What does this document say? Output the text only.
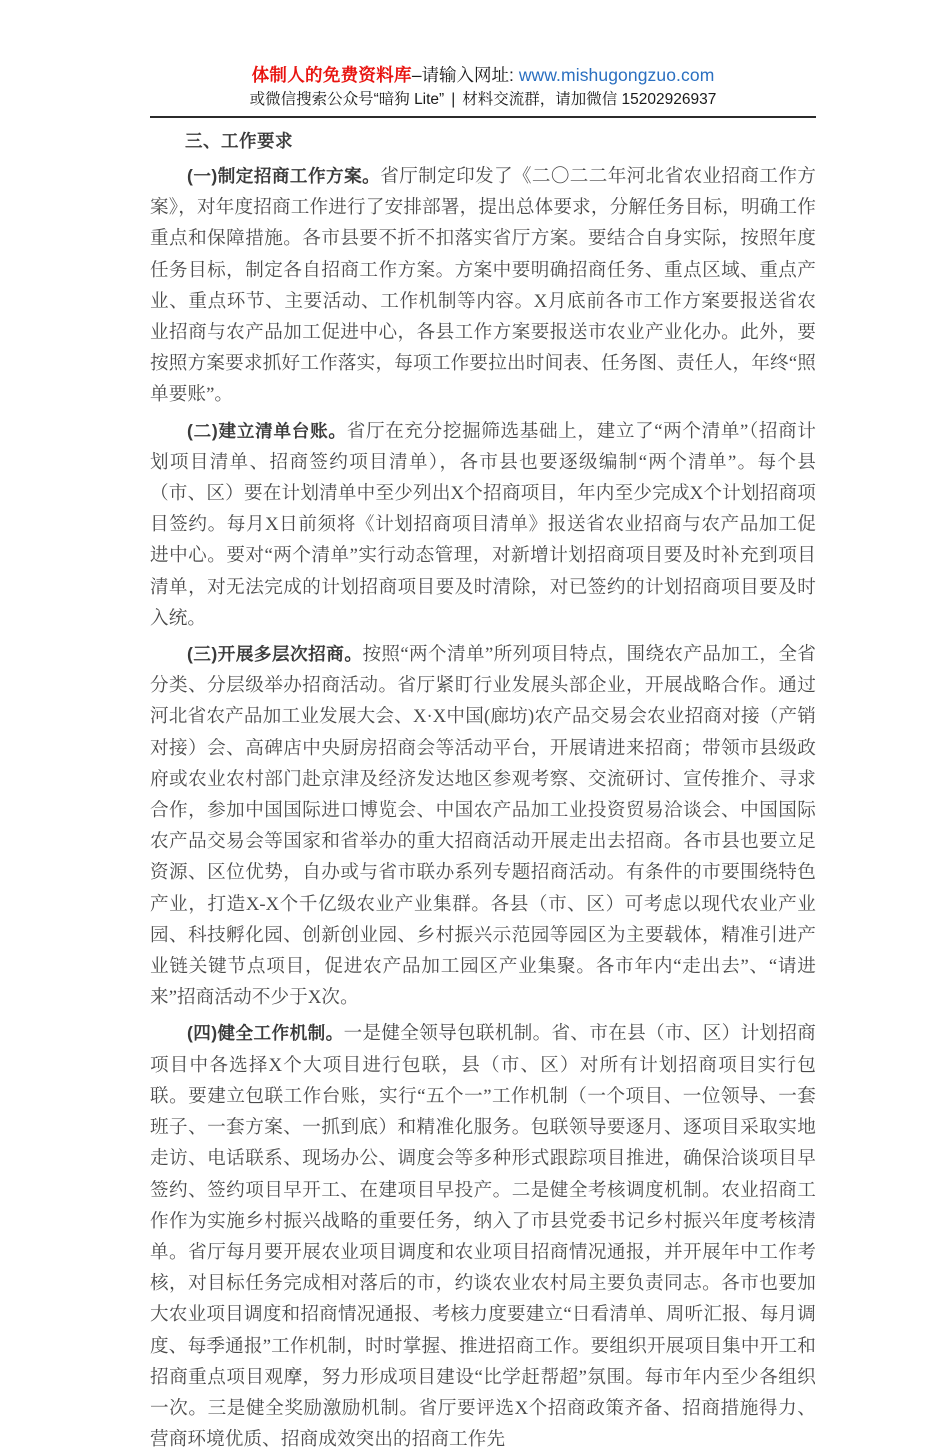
体制人的免费资料库–请输入网址: www.mishugongzuo.com
或微信搜索公众号“暗狗 Lite” | 材料交流群，请加微信 15202926937

三、工作要求

(一)制定招商工作方案。省厅制定印发了《二〇二二年河北省农业招商工作方案》，对年度招商工作进行了安排部署，提出总体要求，分解任务目标，明确工作重点和保障措施。各市县要不折不扣落实省厅方案。要结合自身实际，按照年度任务目标，制定各自招商工作方案。方案中要明确招商任务、重点区域、重点产业、重点环节、主要活动、工作机制等内容。X月底前各市工作方案要报送省农业招商与农产品加工促进中心，各县工作方案要报送市农业产业化办。此外，要按照方案要求抓好工作落实，每项工作要拉出时间表、任务图、责任人，年终“照单要账”。

(二)建立清单台账。省厅在充分挖掘筛选基础上，建立了“两个清单”（招商计划项目清单、招商签约项目清单），各市县也要逐级编制“两个清单”。每个县（市、区）要在计划清单中至少列出X个招商项目，年内至少完成X个计划招商项目签约。每月X日前须将《计划招商项目清单》报送省农业招商与农产品加工促进中心。要对“两个清单”实行动态管理，对新增计划招商项目要及时补充到项目清单，对无法完成的计划招商项目要及时清除，对已签约的计划招商项目要及时入统。

(三)开展多层次招商。按照“两个清单”所列项目特点，围绕农产品加工，全省分类、分层级举办招商活动。省厅紧盯行业发展头部企业，开展战略合作。通过河北省农产品加工业发展大会、X·X中国(廊坊)农产品交易会农业招商对接（产销对接）会、高碑店中央厨房招商会等活动平台，开展请进来招商；带领市县级政府或农业农村部门赴京津及经济发达地区参观考察、交流研讨、宣传推介、寻求合作，参加中国国际进口博览会、中国农产品加工业投资贸易洽谈会、中国国际农产品交易会等国家和省举办的重大招商活动开展走出去招商。各市县也要立足资源、区位优势，自办或与省市联办系列专题招商活动。有条件的市要围绕特色产业，打造X-X个千亿级农业产业集群。各县（市、区）可考虑以现代农业产业园、科技孵化园、创新创业园、乡村振兴示范园等园区为主要载体，精准引进产业链关键节点项目，促进农产品加工园区产业集聚。各市年内“走出去”、“请进来”招商活动不少于X次。

(四)健全工作机制。一是健全领导包联机制。省、市在县（市、区）计划招商项目中各选择X个大项目进行包联，县（市、区）对所有计划招商项目实行包联。要建立包联工作台账，实行“五个一”工作机制（一个项目、一位领导、一套班子、一套方案、一抓到底）和精准化服务。包联领导要逐月、逐项目采取实地走访、电话联系、现场办公、调度会等多种形式跟踪项目推进，确保洽谈项目早签约、签约项目早开工、在建项目早投产。二是健全考核调度机制。农业招商工作作为实施乡村振兴战略的重要任务，纳入了市县党委书记乡村振兴年度考核清单。省厅每月要开展农业项目调度和农业项目招商情况通报，并开展年中工作考核，对目标任务完成相对落后的市，约谈农业农村局主要负责同志。各市也要加大农业项目调度和招商情况通报、考核力度要建立“日看清单、周听汇报、每月调度、每季通报”工作机制，时时掌握、推进招商工作。要组织开展项目集中开工和招商重点项目观摩，努力形成项目建设“比学赶帮超”氛围。每市年内至少各组织一次。三是健全奖励激励机制。省厅要评选X个招商政策齐备、招商措施得力、营商环境优质、招商成效突出的招商工作先
